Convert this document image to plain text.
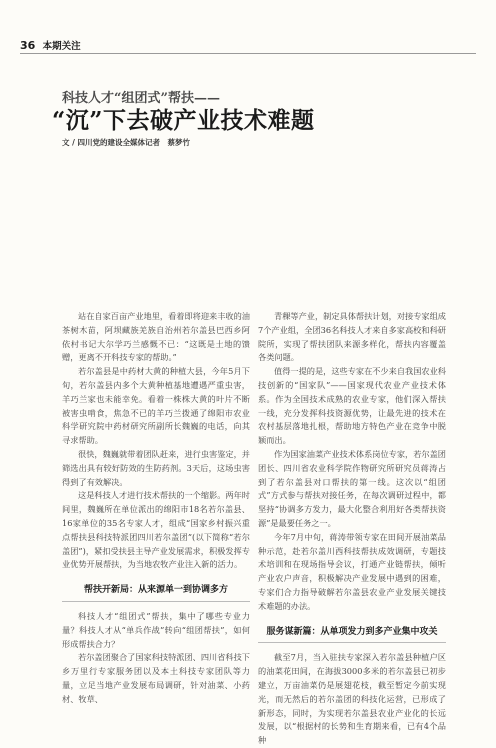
36 本期关注
科技人才“组团式”帮扶——
“沉”下去破产业技术难题
文 / 四川党的建设全媒体记者　蔡梦竹

站在自家百亩产业地里，看着即将迎来丰收的油茶树木苗，阿坝藏族羌族自治州若尔盖县巴西乡阿依村书记大尔学巧兰感慨不已：“这既是土地的馈赠，更离不开科技专家的帮助。”

若尔盖县是中药材大黄的种植大县，今年5月下旬，若尔盖县内多个大黄种植基地遭遇严重虫害，羊巧兰家也未能幸免。看着一株株大黄的叶片不断被害虫啃食，焦急不已的羊巧兰拨通了绵阳市农业科学研究院中药材研究所副所长魏巍的电话，向其寻求帮助。

很快，魏巍就带着团队赶来，进行虫害鉴定，并筛选出具有较好防效的生防药剂。3天后，这场虫害得到了有效解决。

这是科技人才进行技术帮扶的一个缩影。两年时间里，魏巍所在单位派出的绵阳市18名若尔盖县、16家单位的35名专家人才，组成“国家乡村振兴重点帮扶县科技特派团四川若尔盖团”(以下简称“若尔盖团”)，紧扣受扶县主导产业发展需求，积极发挥专业优势开展帮扶，为当地农牧产业注入新的活力。

帮扶开新局：从来源单一到协调多方

科技人才“组团式”帮扶，集中了哪些专业力量？科技人才从“单兵作战”转向“组团帮扶”，如何形成帮扶合力？

若尔盖团聚合了国家科技特派团、四川省科技下乡万里行专家服务团以及本土科技专家团队等力量，立足当地产业发展布局调研，针对油菜、小药材、牧草、

青稞等产业，制定具体帮扶计划，对接专家组成7个产业组，全团36名科技人才来自多家高校和科研院所，实现了帮扶团队来源多样化，帮扶内容覆盖各类问题。

值得一提的是，这些专家在不少来自我国农业科技创新的“国家队”——国家现代农业产业技术体系。作为全国技术成熟的农业专家，他们深入帮扶一线，充分发挥科技资源优势，让最先进的技术在农村基层落地扎根，帮助地方特色产业在竞争中脱颖而出。

作为国家油菜产业技术体系岗位专家，若尔盖团团长、四川省农业科学院作物研究所研究员蒋涛占到了若尔盖县对口帮扶的第一线。这次以“组团式”方式参与帮扶对接任务，在每次调研过程中，都坚持“协调多方发力，最大化整合利用好各类帮扶资源”是最要任务之一。

今年7月中旬，蒋涛带领专家在田间开展油菜品种示范，赴若尔盖川西科技帮扶成效调研，专题技术培训和在现场指导会议，打通产业链帮扶，倾听产业农户声音，积极解决产业发展中遇到的困难，专家们合力指导破解若尔盖县农业产业发展关键技术难题的办法。

服务谋新篇：从单项发力到多产业集中攻关

截至7月，当入驻扶专家深入若尔盖县种植户区的油菜花田间，在海拔3000多米的若尔盖县已初步建立，万亩油菜仍是展翅花枝，截至暂定今前实现光，而无然后的若尔盖团的科技化运营，已形成了新形态，同时，为实现若尔盖县农业产业化的长远发展，以“根据村的长势和生育期来看，已有4个品种
